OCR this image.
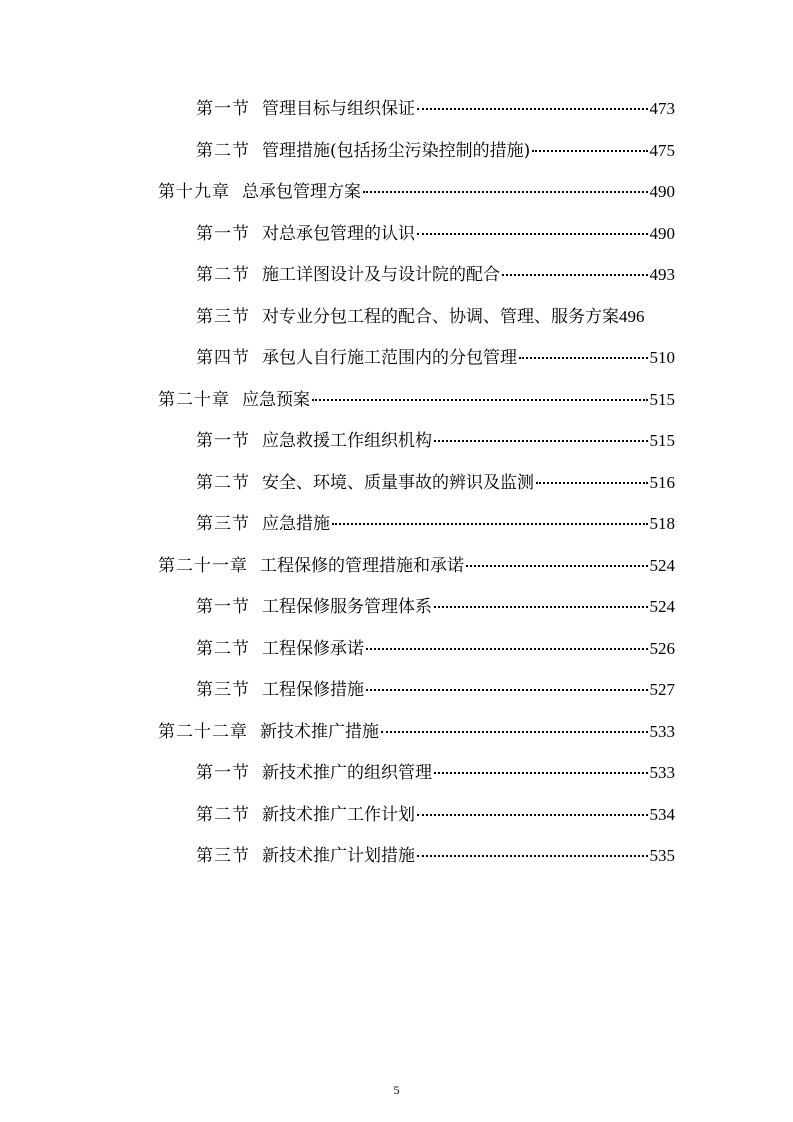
第一节 管理目标与组织保证	473
第二节 管理措施(包括扬尘污染控制的措施)	475
第十九章 总承包管理方案	490
第一节 对总承包管理的认识	490
第二节 施工详图设计及与设计院的配合	493
第三节 对专业分包工程的配合、协调、管理、服务方案 496
第四节 承包人自行施工范围内的分包管理	510
第二十章 应急预案	515
第一节 应急救援工作组织机构	515
第二节 安全、环境、质量事故的辨识及监测	516
第三节 应急措施	518
第二十一章 工程保修的管理措施和承诺	524
第一节 工程保修服务管理体系	524
第二节 工程保修承诺	526
第三节 工程保修措施	527
第二十二章 新技术推广措施	533
第一节 新技术推广的组织管理	533
第二节 新技术推广工作计划	534
第三节 新技术推广计划措施	535
5
